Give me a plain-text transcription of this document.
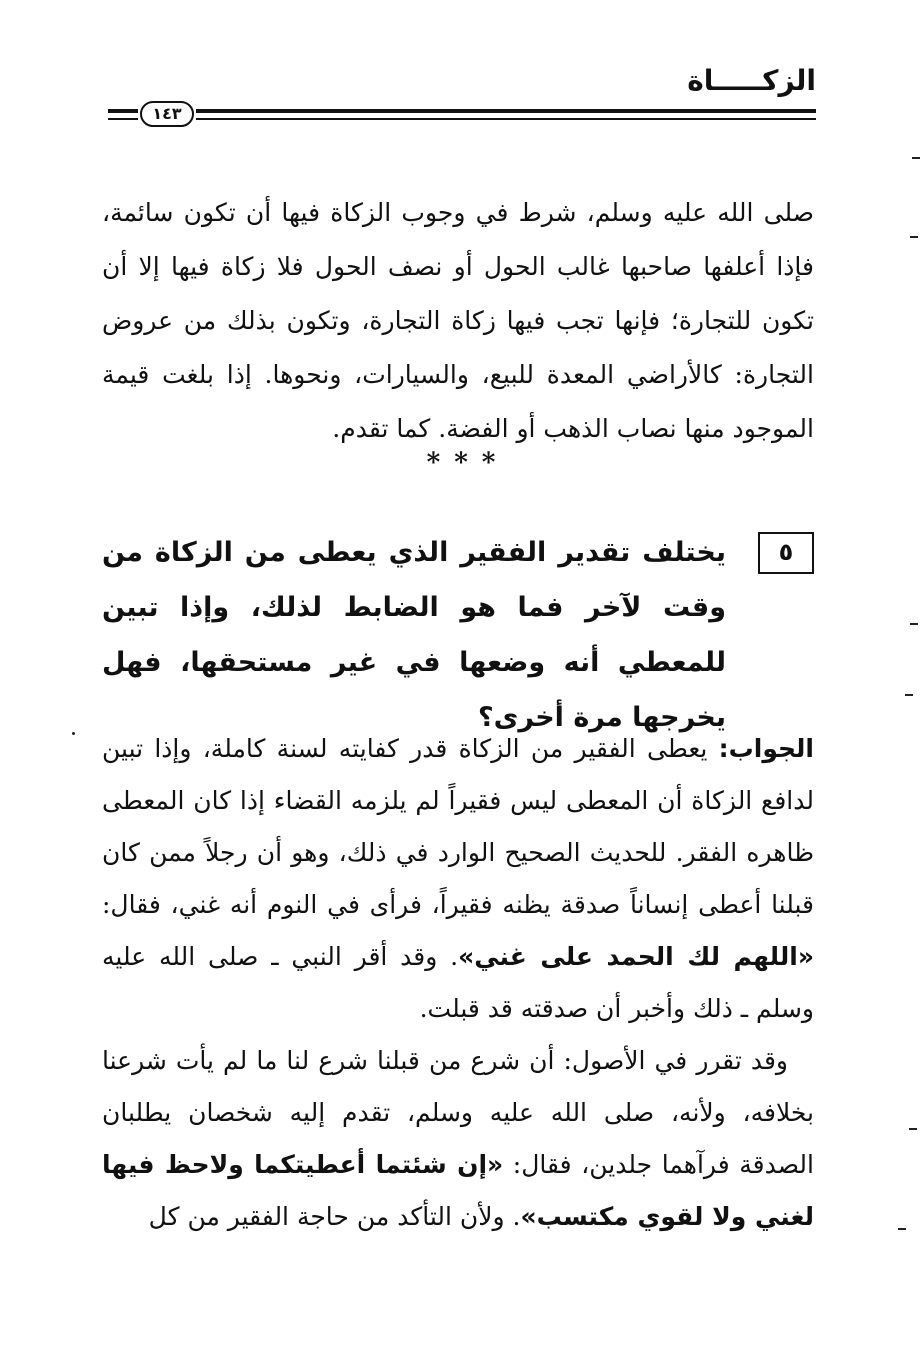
الزكـــــاة
١٤٣
صلى الله عليه وسلم، شرط في وجوب الزكاة فيها أن تكون سائمة، فإذا أعلفها صاحبها غالب الحول أو نصف الحول فلا زكاة فيها إلا أن تكون للتجارة؛ فإنها تجب فيها زكاة التجارة، وتكون بذلك من عروض التجارة: كالأراضي المعدة للبيع، والسيارات، ونحوها. إذا بلغت قيمة الموجود منها نصاب الذهب أو الفضة. كما تقدم.
***
٥
يختلف تقدير الفقير الذي يعطى من الزكاة من وقت لآخر فما هو الضابط لذلك، وإذا تبين للمعطي أنه وضعها في غير مستحقها، فهل يخرجها مرة أخرى؟

الجواب: يعطى الفقير من الزكاة قدر كفايته لسنة كاملة، وإذا تبين لدافع الزكاة أن المعطى ليس فقيراً لم يلزمه القضاء إذا كان المعطى ظاهره الفقر. للحديث الصحيح الوارد في ذلك، وهو أن رجلاً ممن كان قبلنا أعطى إنساناً صدقة يظنه فقيراً، فرأى في النوم أنه غني، فقال: «اللهم لك الحمد على غني». وقد أقر النبي ـ صلى الله عليه وسلم ـ ذلك وأخبر أن صدقته قد قبلت.

وقد تقرر في الأصول: أن شرع من قبلنا شرع لنا ما لم يأت شرعنا بخلافه، ولأنه، صلى الله عليه وسلم، تقدم إليه شخصان يطلبان الصدقة فرآهما جلدين، فقال: «إن شئتما أعطيتكما ولاحظ فيها لغني ولا لقوي مكتسب». ولأن التأكد من حاجة الفقير من كل
